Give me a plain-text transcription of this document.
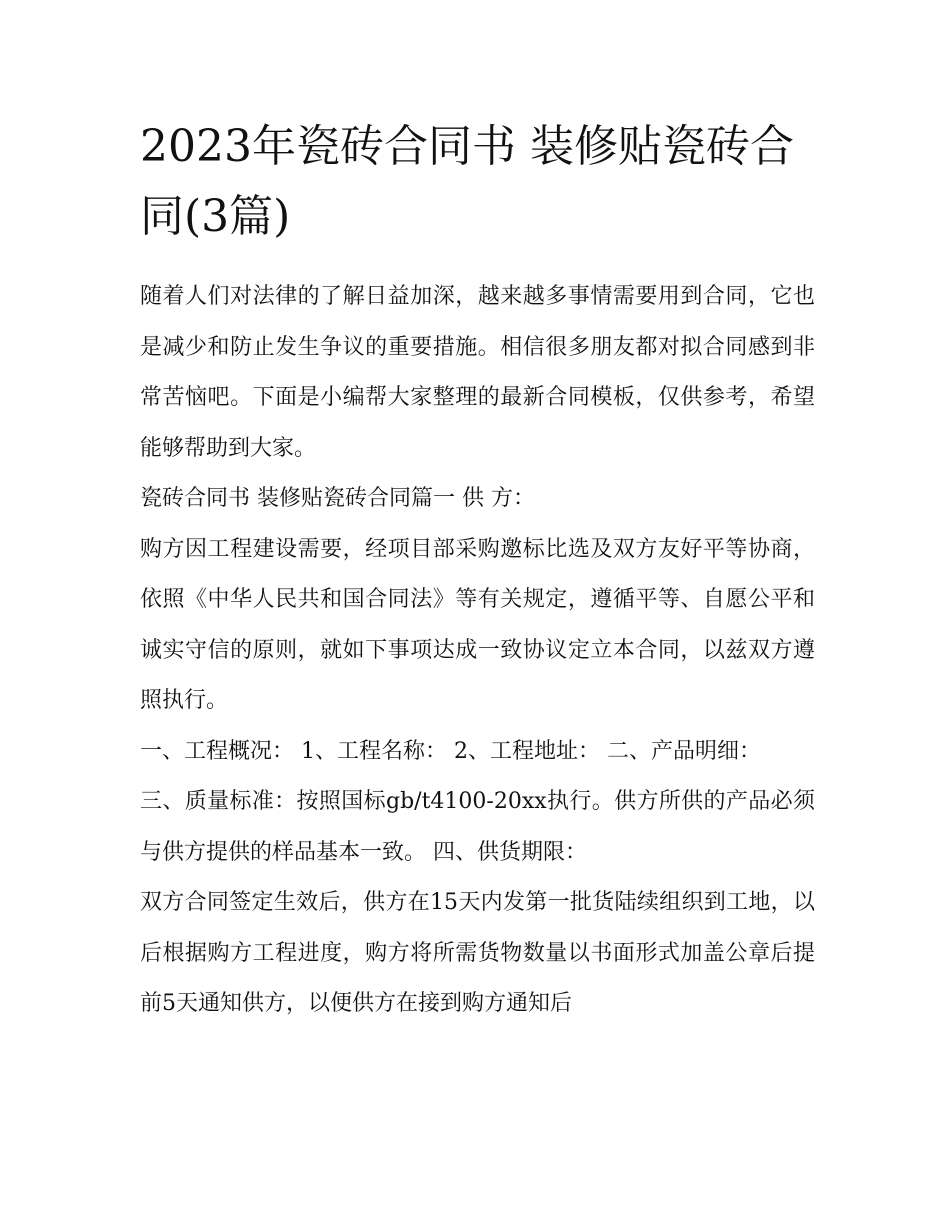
2023年瓷砖合同书 装修贴瓷砖合同(3篇)

随着人们对法律的了解日益加深，越来越多事情需要用到合同，它也是减少和防止发生争议的重要措施。相信很多朋友都对拟合同感到非常苦恼吧。下面是小编帮大家整理的最新合同模板，仅供参考，希望能够帮助到大家。

瓷砖合同书 装修贴瓷砖合同篇一 供 方：

购方因工程建设需要，经项目部采购邀标比选及双方友好平等协商，依照《中华人民共和国合同法》等有关规定，遵循平等、自愿公平和诚实守信的原则，就如下事项达成一致协议定立本合同，以兹双方遵照执行。

一、工程概况： 1、工程名称： 2、工程地址： 二、产品明细：

三、质量标准：按照国标gb/t4100-20xx执行。供方所供的产品必须与供方提供的样品基本一致。 四、供货期限：

双方合同签定生效后，供方在15天内发第一批货陆续组织到工地，以后根据购方工程进度，购方将所需货物数量以书面形式加盖公章后提前5天通知供方，以便供方在接到购方通知后
